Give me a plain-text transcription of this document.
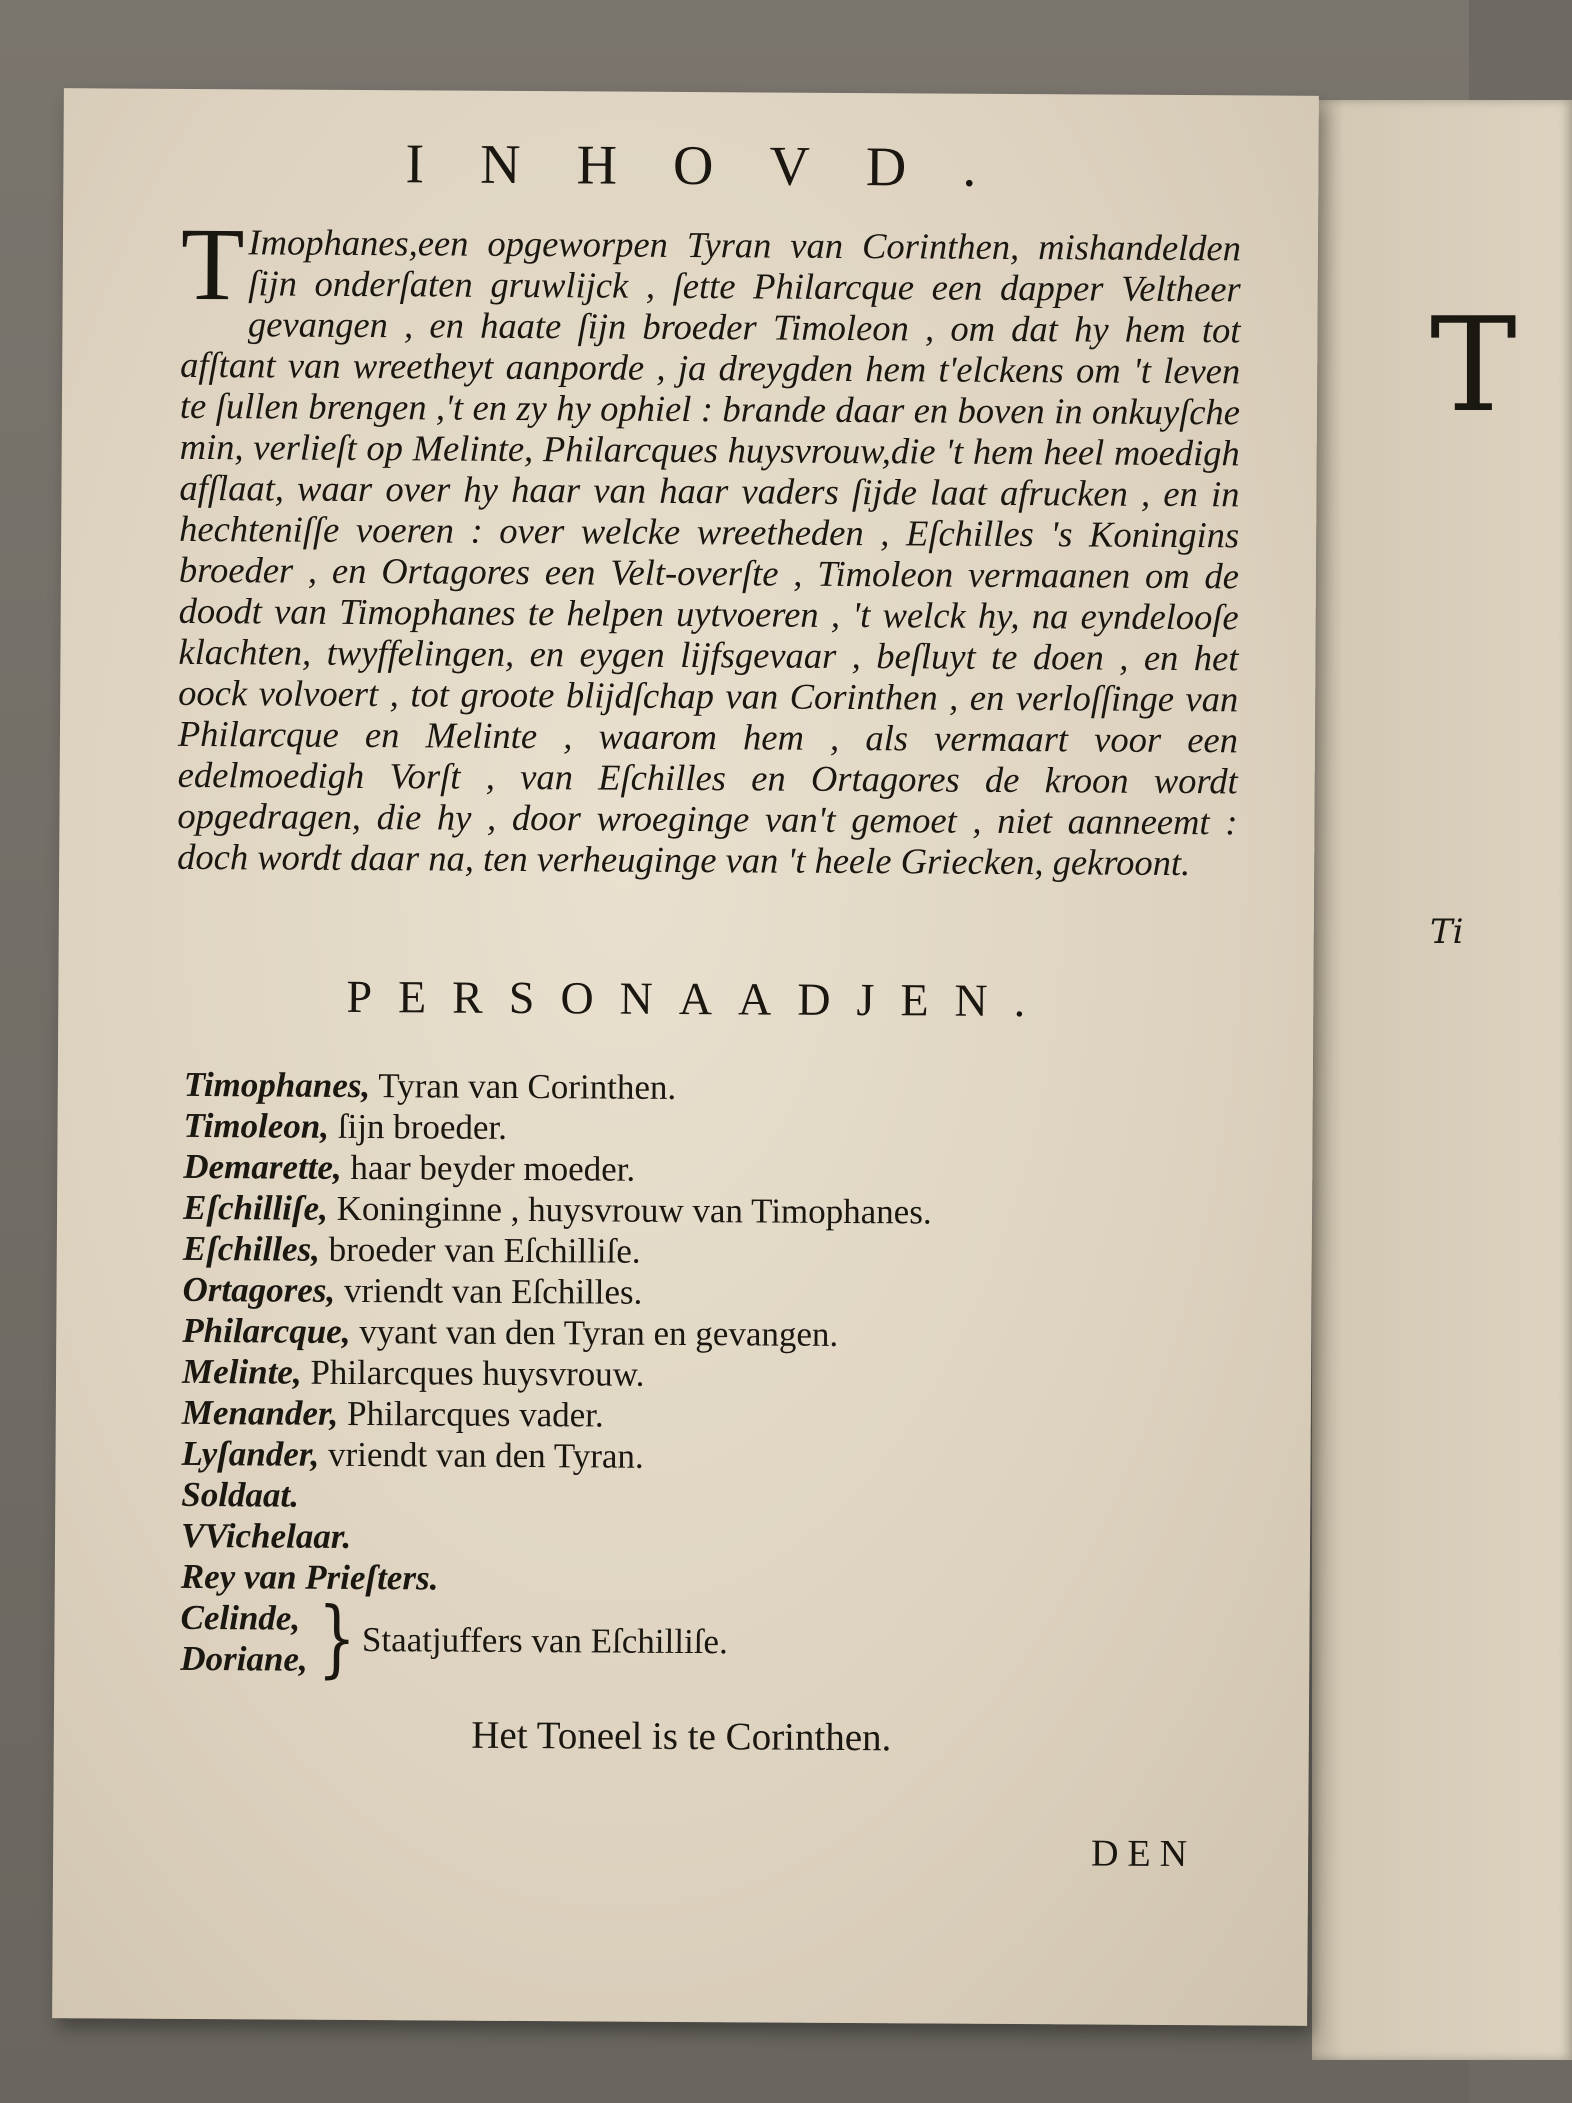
T
Ti
INHOVD.

T Imophanes,een opgeworpen Tyran van Corinthen, mishandelden ſijn onderſaten gruwlijck , ſette Philarcque een dapper Veltheer gevangen , en haate ſijn broeder Timoleon , om dat hy hem tot afſtant van wreetheyt aanporde , ja dreygden hem t'elckens om 't leven te ſullen brengen ,'t en zy hy ophiel : brande daar en boven in onkuyſche min, verlieſt op Melinte, Philarcques huysvrouw,die 't hem heel moedigh afſlaat, waar over hy haar van haar vaders ſijde laat afrucken , en in hechteniſſe voeren : over welcke wreetheden , Eſchilles 's Koningins broeder , en Ortagores een Velt-overſte , Timoleon vermaanen om de doodt van Timophanes te helpen uytvoeren , 't welck hy, na eyndelooſe klachten, twyffelingen, en eygen lijfsgevaar , beſluyt te doen , en het oock volvoert , tot groote blijdſchap van Corinthen , en verloſſinge van Philarcque en Melinte , waarom hem , als vermaart voor een edelmoedigh Vorſt , van Eſchilles en Ortagores de kroon wordt opgedragen, die hy , door wroeginge van't gemoet , niet aanneemt : doch wordt daar na, ten verheuginge van 't heele Griecken, gekroont.

PERSONAADJEN.
Timophanes, Tyran van Corinthen.
Timoleon, ſijn broeder.
Demarette, haar beyder moeder.
Eſchilliſe, Koninginne , huysvrouw van Timophanes.
Eſchilles, broeder van Eſchilliſe.
Ortagores, vriendt van Eſchilles.
Philarcque, vyant van den Tyran en gevangen.
Melinte, Philarcques huysvrouw.
Menander, Philarcques vader.
Lyſander, vriendt van den Tyran.
Soldaat.
VVichelaar.
Rey van Prieſters.
Celinde,
Doriane, } Staatjuffers van Eſchilliſe.
Het Toneel is te Corinthen.
DEN
